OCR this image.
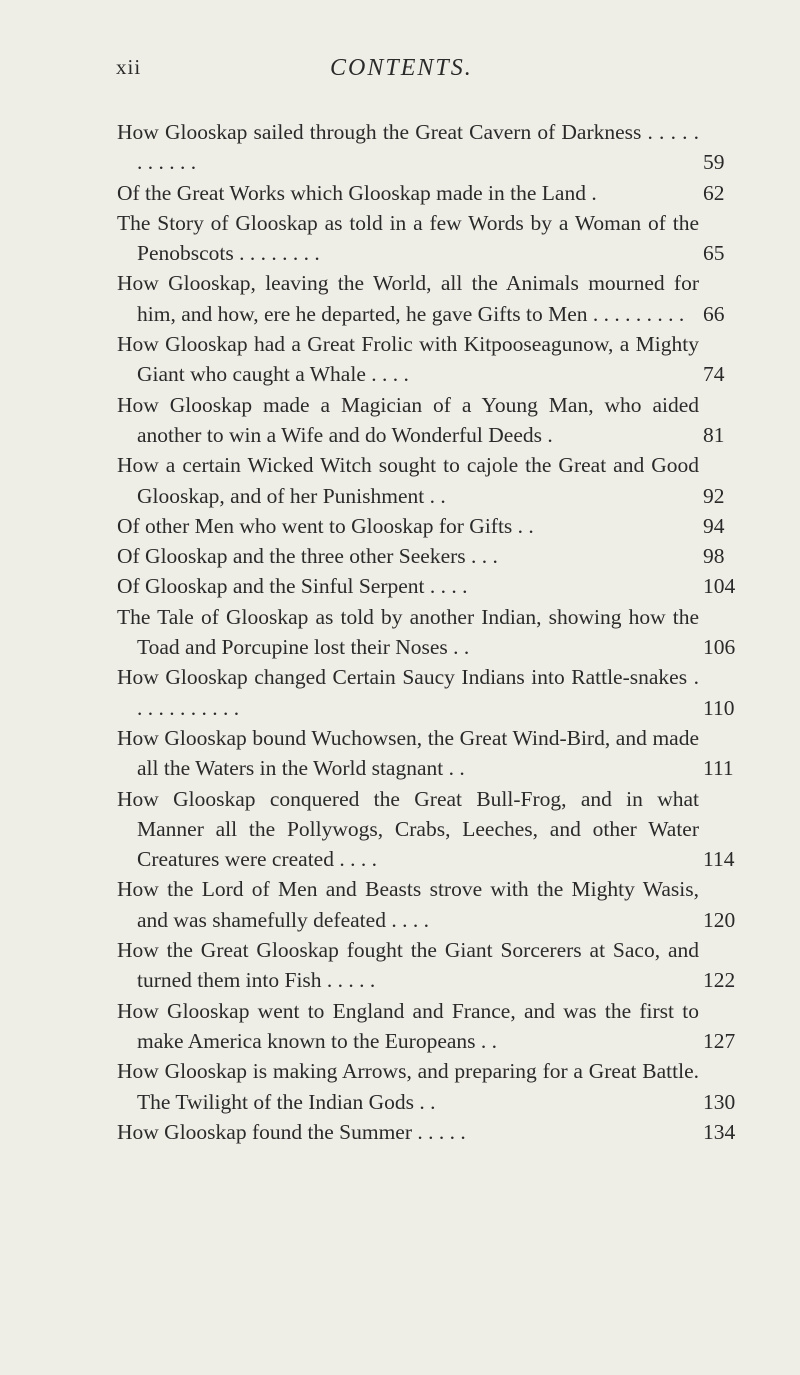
xii	CONTENTS.
How Glooskap sailed through the Great Cavern of Darkness . . . . . . . . . . .	59
Of the Great Works which Glooskap made in the Land .	62
The Story of Glooskap as told in a few Words by a Woman of the Penobscots . . . . . . . .	65
How Glooskap, leaving the World, all the Animals mourned for him, and how, ere he departed, he gave Gifts to Men . . . . . . . . . 66
How Glooskap had a Great Frolic with Kitpooseagunow, a Mighty Giant who caught a Whale . . . .	74
How Glooskap made a Magician of a Young Man, who aided another to win a Wife and do Wonderful Deeds .	81
How a certain Wicked Witch sought to cajole the Great and Good Glooskap, and of her Punishment . .	92
Of other Men who went to Glooskap for Gifts . .	94
Of Glooskap and the three other Seekers . . .	98
Of Glooskap and the Sinful Serpent . . . .	104
The Tale of Glooskap as told by another Indian, showing how the Toad and Porcupine lost their Noses . .	106
How Glooskap changed Certain Saucy Indians into Rattle-snakes . . . . . . . . . . .	110
How Glooskap bound Wuchowsen, the Great Wind-Bird, and made all the Waters in the World stagnant . .	111
How Glooskap conquered the Great Bull-Frog, and in what Manner all the Pollywogs, Crabs, Leeches, and other Water Creatures were created . . . .	114
How the Lord of Men and Beasts strove with the Mighty Wasis, and was shamefully defeated . . . .	120
How the Great Glooskap fought the Giant Sorcerers at Saco, and turned them into Fish . . . . .	122
How Glooskap went to England and France, and was the first to make America known to the Europeans . .	127
How Glooskap is making Arrows, and preparing for a Great Battle. The Twilight of the Indian Gods . .	130
How Glooskap found the Summer . . . . .	134
